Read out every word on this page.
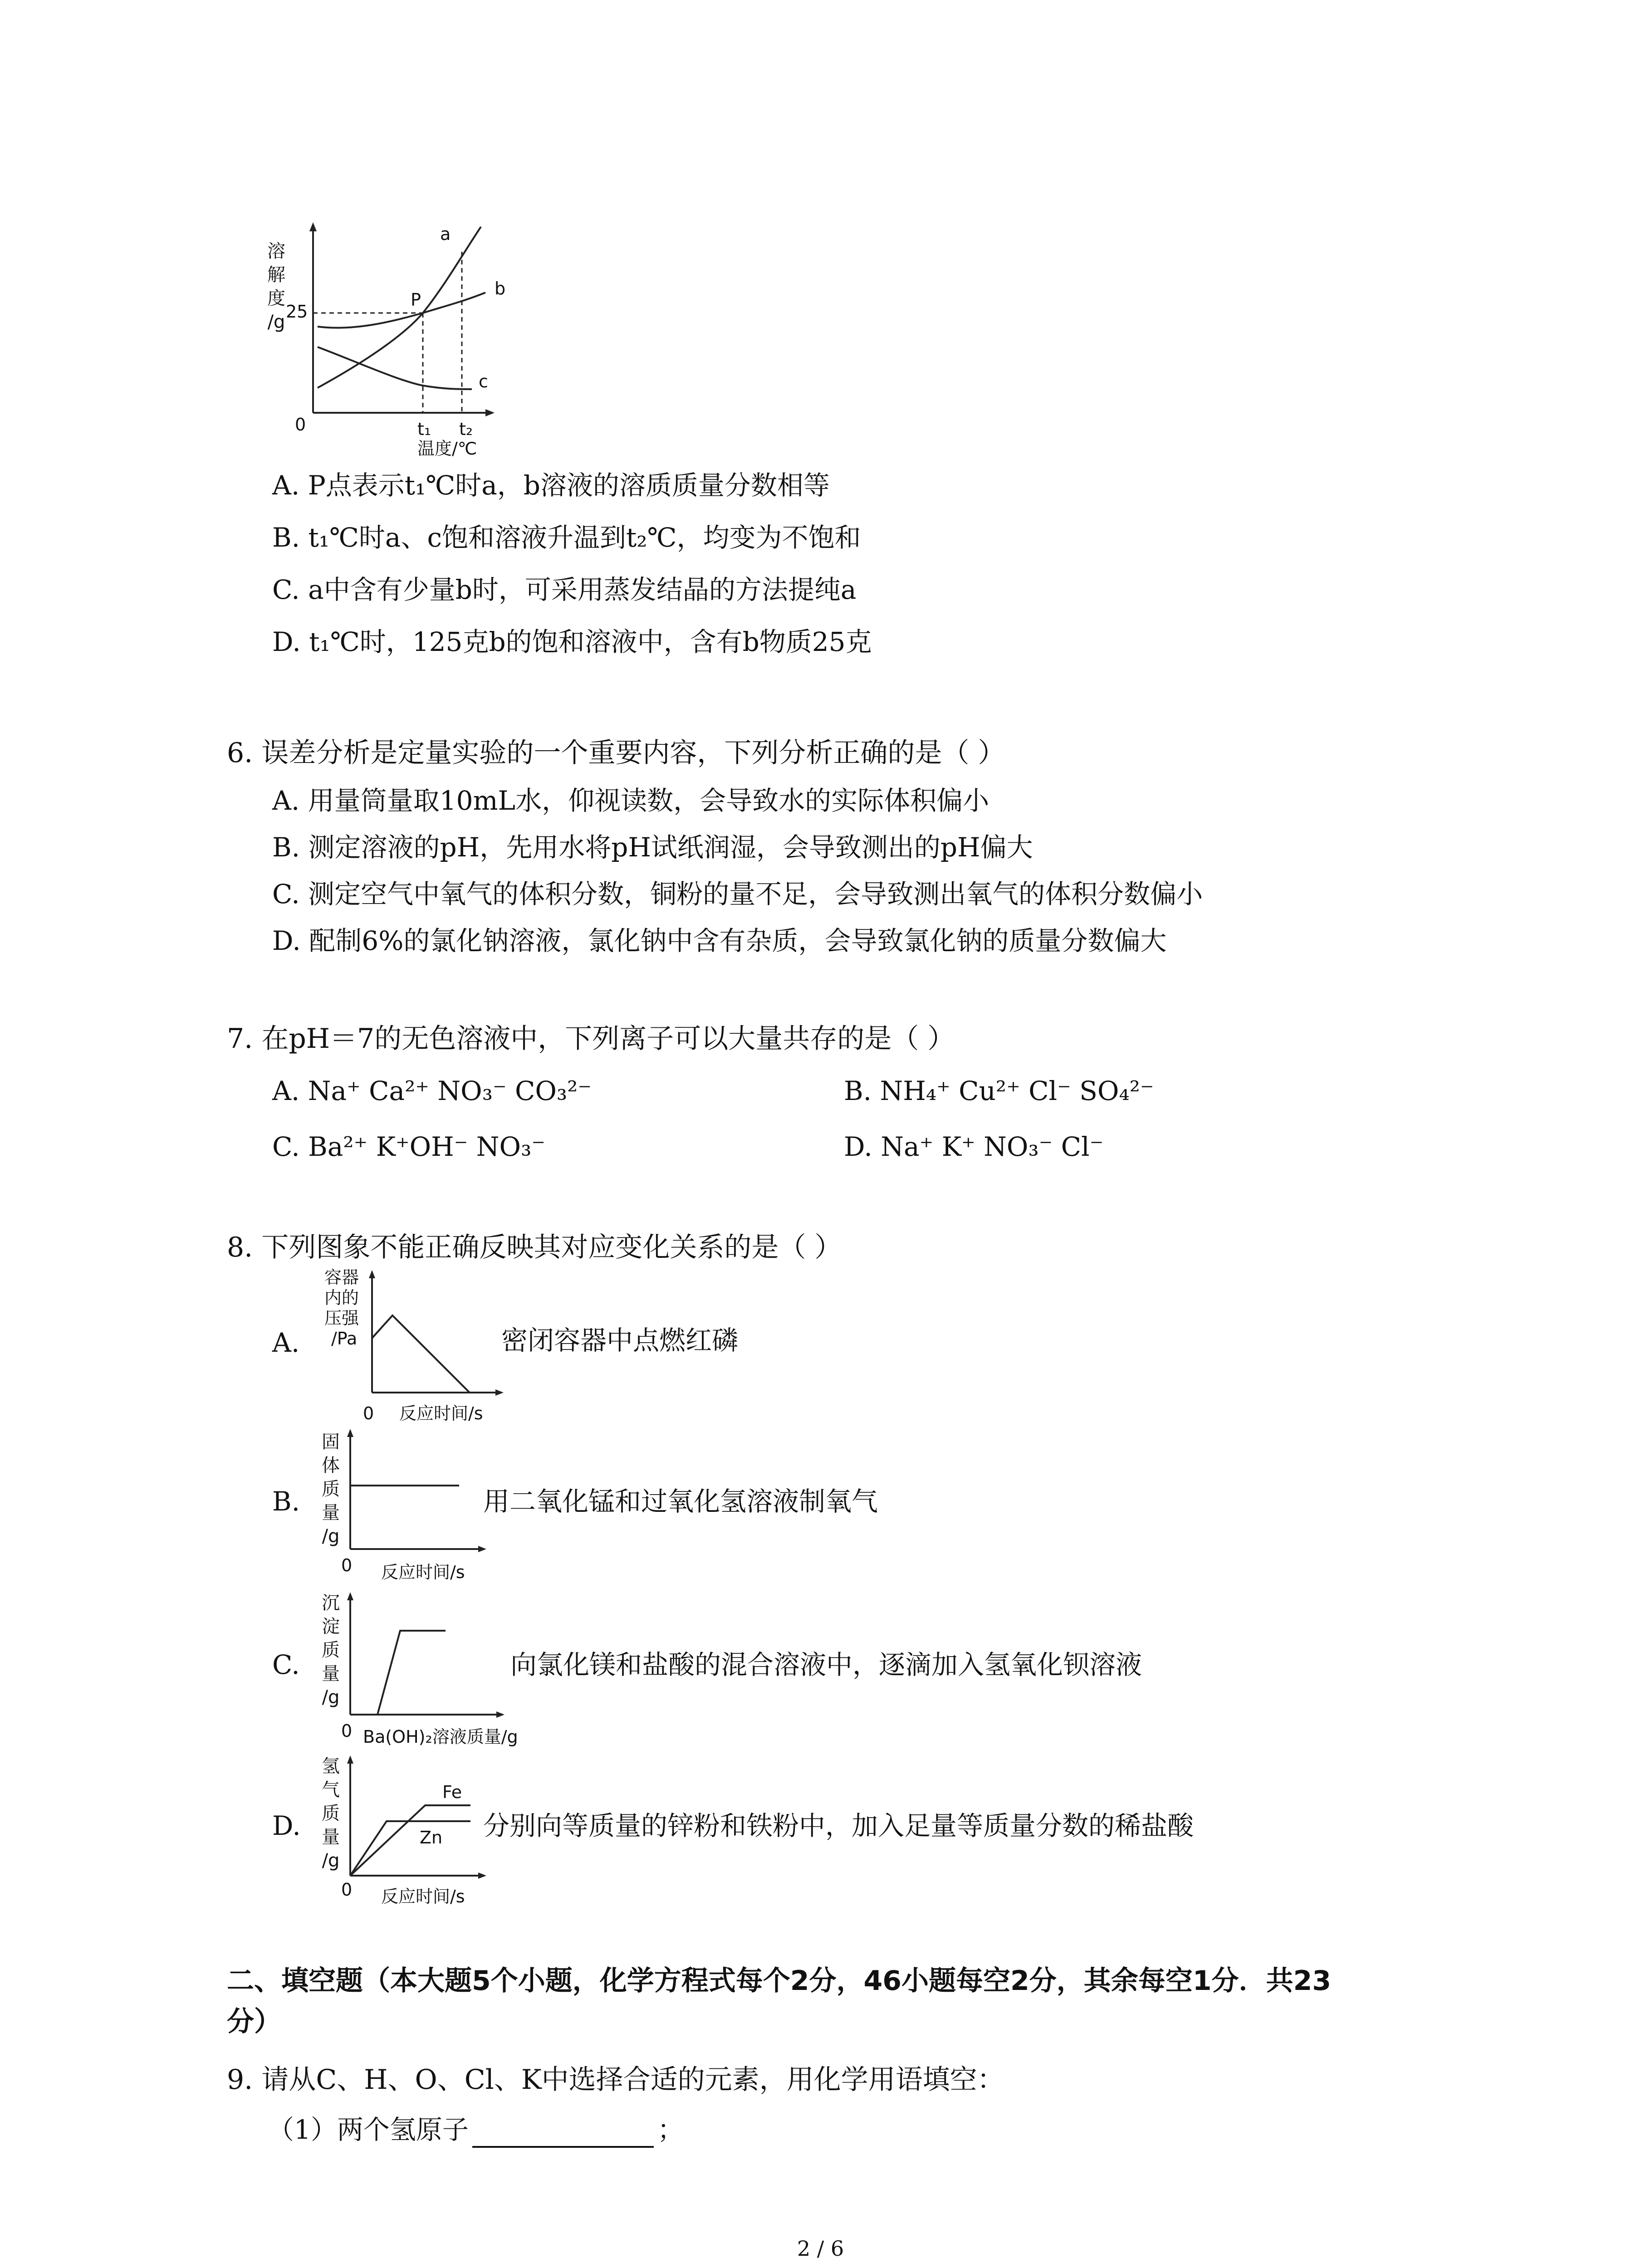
溶
解
度
/g 25
0	t₁ t₂
温度/℃
a
b
c
P
A. P点表示t₁℃时a，b溶液的溶质质量分数相等
B. t₁℃时a、c饱和溶液升温到t₂℃，均变为不饱和
C. a中含有少量b时，可采用蒸发结晶的方法提纯a
D. t₁℃时，125克b的饱和溶液中，含有b物质25克
6. 误差分析是定量实验的一个重要内容，下列分析正确的是（ ）
A. 用量筒量取10mL水，仰视读数，会导致水的实际体积偏小
B. 测定溶液的pH，先用水将pH试纸润湿，会导致测出的pH偏大
C. 测定空气中氧气的体积分数，铜粉的量不足，会导致测出氧气的体积分数偏小
D. 配制6%的氯化钠溶液，氯化钠中含有杂质，会导致氯化钠的质量分数偏大
7. 在pH＝7的无色溶液中，下列离子可以大量共存的是（ ）
A. Na⁺ Ca²⁺ NO₃⁻ CO₃²⁻	B. NH₄⁺ Cu²⁺ Cl⁻ SO₄²⁻
C. Ba²⁺ K⁺OH⁻ NO₃⁻	D. Na⁺ K⁺ NO₃⁻ Cl⁻
8. 下列图象不能正确反映其对应变化关系的是（ ）
A.
容器
内的
压强
/Pa
0 反应时间/s
密闭容器中点燃红磷
B.
固
体
质
量
/g
0 反应时间/s
用二氧化锰和过氧化氢溶液制氧气
C.
沉
淀
质
量
/g
0 Ba(OH)₂溶液质量/g
向氯化镁和盐酸的混合溶液中，逐滴加入氢氧化钡溶液
D.
氢
气
质
量
/g
0 反应时间/s
Fe
Zn 分别向等质量的锌粉和铁粉中，加入足量等质量分数的稀盐酸
二、填空题（本大题5个小题，化学方程式每个2分，46小题每空2分，其余每空1分．共23
分）
9. 请从C、H、O、Cl、K中选择合适的元素，用化学用语填空：
（1）两个氢原子	；
2 / 6
